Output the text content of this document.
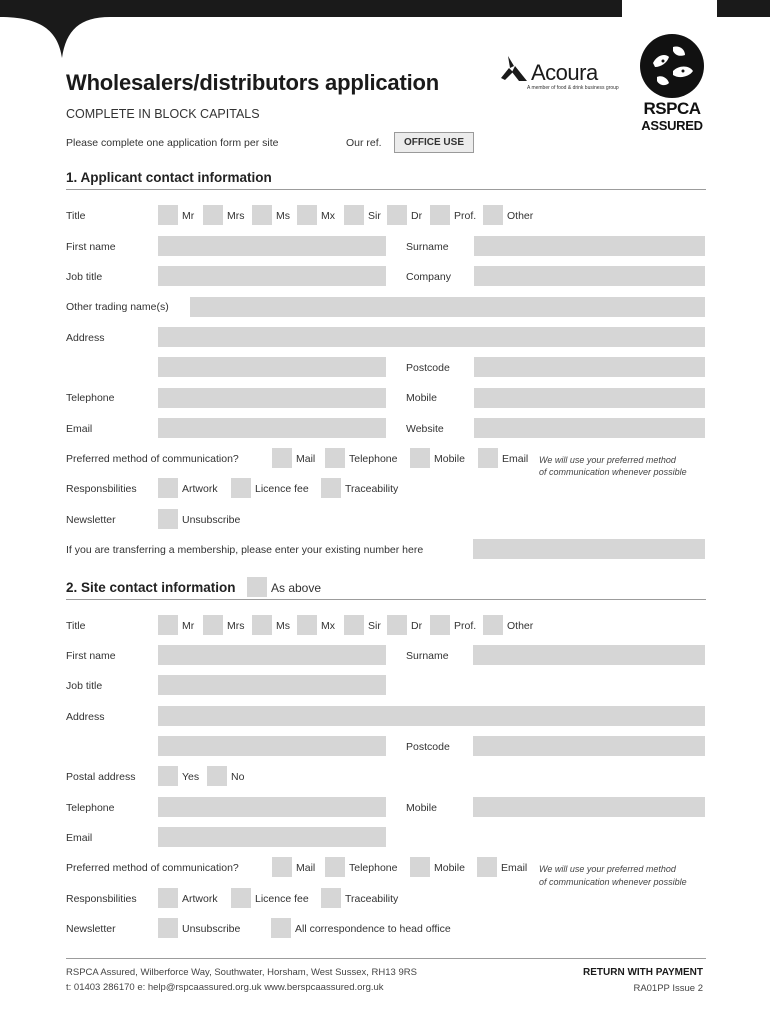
Acoura
A member of food & drink business group
RSPCA
ASSURED
Wholesalers/distributors application
COMPLETE IN BLOCK CAPITALS
Please complete one application form per site	Our ref.	OFFICE USE
1. Applicant contact information
Title	Mr	Mrs	Ms	Mx	Sir	Dr	Prof.	Other
First name	Surname
Job title	Company
Other trading name(s)
Address
Postcode
Telephone	Mobile
Email	Website
Preferred method of communication?	Mail	Telephone	Mobile	Email We will use your preferred method
of communication whenever possible
Responsbilities	Artwork	Licence fee	Traceability
Newsletter	Unsubscribe
If you are transferring a membership, please enter your existing number here
2. Site contact information	As above
Title	Mr	Mrs	Ms	Mx	Sir	Dr	Prof.	Other
First name	Surname
Job title
Address
Postcode
Postal address	Yes	No
Telephone	Mobile
Email
Preferred method of communication?	Mail	Telephone	Mobile	Email We will use your preferred method
of communication whenever possible
Responsbilities	Artwork	Licence fee	Traceability
Newsletter	Unsubscribe	All correspondence to head office
RSPCA Assured, Wilberforce Way, Southwater, Horsham, West Sussex, RH13 9RS
t: 01403 286170 e: help@rspcaassured.org.uk www.berspcaassured.org.uk
RETURN WITH PAYMENT
RA01PP Issue 2
